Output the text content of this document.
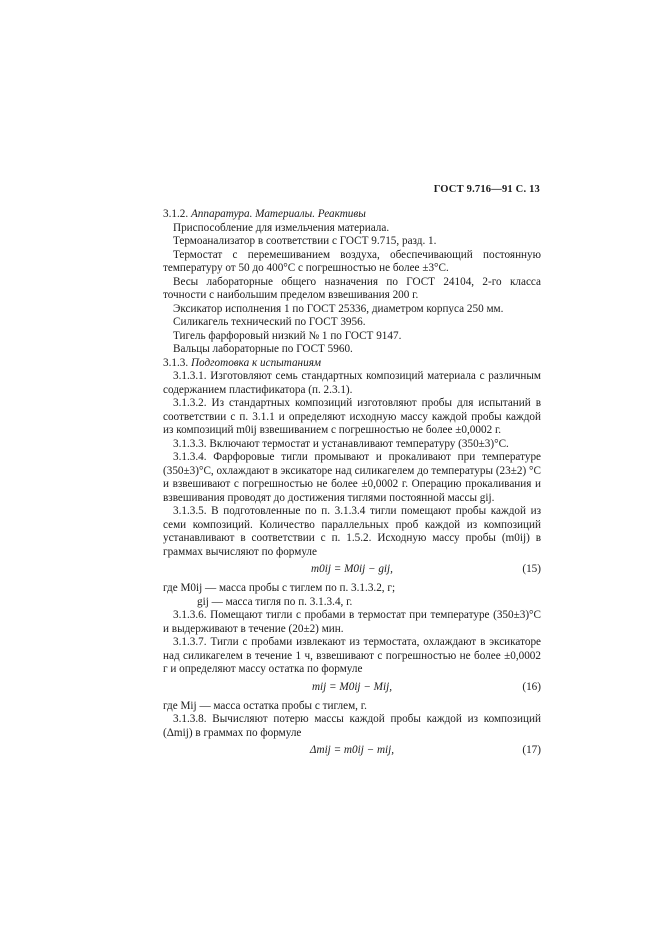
ГОСТ 9.716—91 С. 13

3.1.2. Аппаратура. Материалы. Реактивы

Приспособление для измельчения материала.

Термоанализатор в соответствии с ГОСТ 9.715, разд. 1.

Термостат с перемешиванием воздуха, обеспечивающий постоянную температуру от 50 до 400°С с погрешностью не более ±3°С.

Весы лабораторные общего назначения по ГОСТ 24104, 2-го класса точности с наибольшим пределом взвешивания 200 г.

Эксикатор исполнения 1 по ГОСТ 25336, диаметром корпуса 250 мм.

Силикагель технический по ГОСТ 3956.

Тигель фарфоровый низкий № 1 по ГОСТ 9147.

Вальцы лабораторные по ГОСТ 5960.

3.1.3. Подготовка к испытаниям

3.1.3.1. Изготовляют семь стандартных композиций материала с различным содержанием пластификатора (п. 2.3.1).

3.1.3.2. Из стандартных композиций изготовляют пробы для испытаний в соответствии с п. 3.1.1 и определяют исходную массу каждой пробы каждой из композиций m0ij взвешиванием с погрешностью не более ±0,0002 г.

3.1.3.3. Включают термостат и устанавливают температуру (350±3)°С.

3.1.3.4. Фарфоровые тигли промывают и прокаливают при температуре (350±3)°С, охлаждают в эксикаторе над силикагелем до температуры (23±2) °С и взвешивают с погрешностью не более ±0,0002 г. Операцию прокаливания и взвешивания проводят до достижения тиглями постоянной массы gij.

3.1.3.5. В подготовленные по п. 3.1.3.4 тигли помещают пробы каждой из семи композиций. Количество параллельных проб каждой из композиций устанавливают в соответствии с п. 1.5.2. Исходную массу пробы (m0ij) в граммах вычисляют по формуле

m0ij = M0ij − gij,	(15)

где M0ij — масса пробы с тиглем по п. 3.1.3.2, г;

gij — масса тигля по п. 3.1.3.4, г.

3.1.3.6. Помещают тигли с пробами в термостат при температуре (350±3)°С и выдерживают в течение (20±2) мин.

3.1.3.7. Тигли с пробами извлекают из термостата, охлаждают в эксикаторе над силикагелем в течение 1 ч, взвешивают с погрешностью не более ±0,0002 г и определяют массу остатка по формуле

mij = M0ij − Mij,	(16)

где Mij — масса остатка пробы с тиглем, г.

3.1.3.8. Вычисляют потерю массы каждой пробы каждой из композиций (Δmij) в граммах по формуле

Δmij = m0ij − mij,	(17)
